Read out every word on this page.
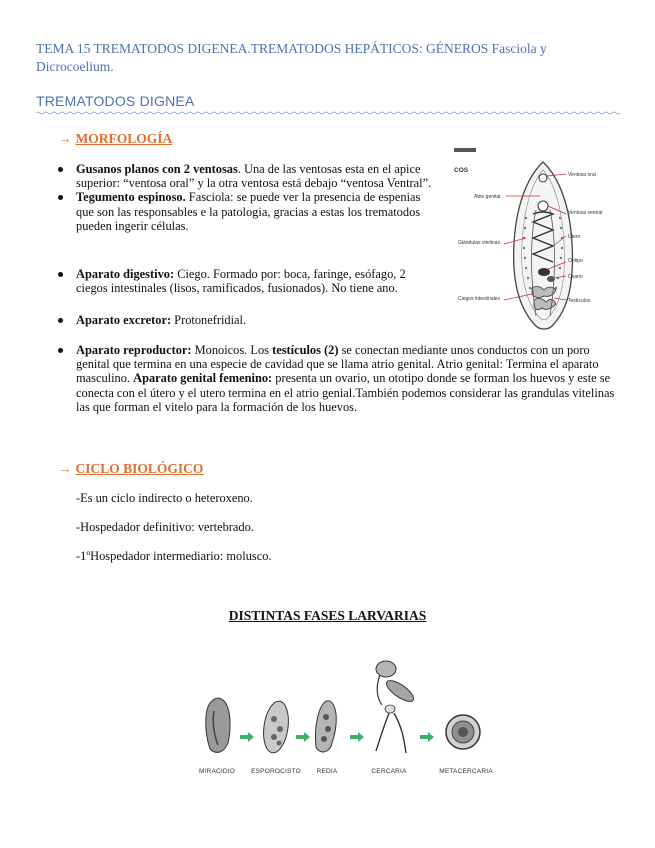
TEMA 15 TREMATODOS DIGENEA.TREMATODOS HEPÁTICOS: GÉNEROS Fasciola y Dicrocoelium.
TREMATODOS DIGNEA
→ MORFOLOGÍA
Gusanos planos con 2 ventosas. Una de las ventosas esta en el apice superior: “ventosa oral” y la otra ventosa está debajo “ventosa Ventral”.
Tegumento espinoso. Fasciola: se puede ver la presencia de espenias que son las responsables e la patologia, gracias a estas los trematodos pueden ingerir células.
Aparato digestivo: Ciego. Formado por: boca, faringe, esófago, 2 ciegos intestinales (lisos, ramificados, fusionados). No tiene ano.
Aparato excretor: Protonefridial.
Aparato reproductor: Monoicos. Los testículos (2) se conectan mediante unos conductos con un poro genital que termina en una especie de cavidad que se llama atrio genital. Atrio genital: Termina el aparato masculino. Aparato genital femenino: presenta un ovario, un ototipo donde se forman los huevos y este se conecta con el útero y el utero termina en el atrio genial.También podemos considerar las grandulas vitelinas las que forman el vitelo para la formación de los huevos.
COS
Ventosa oral
Atrio genital
Ventosa ventral
Glándulas vitelinas
Útero
Ootipo
Ovario
Ciegos intestinales	Testículos
→ CICLO BIOLÓGICO
-Es un ciclo indirecto o heteroxeno.
-Hospedador definitivo: vertebrado.
-1ºHospedador intermediario: molusco.
DISTINTAS FASES LARVARIAS
MIRACIDIO	ESPOROCISTO	REDIA	CERCARIA	METACERCARIA
